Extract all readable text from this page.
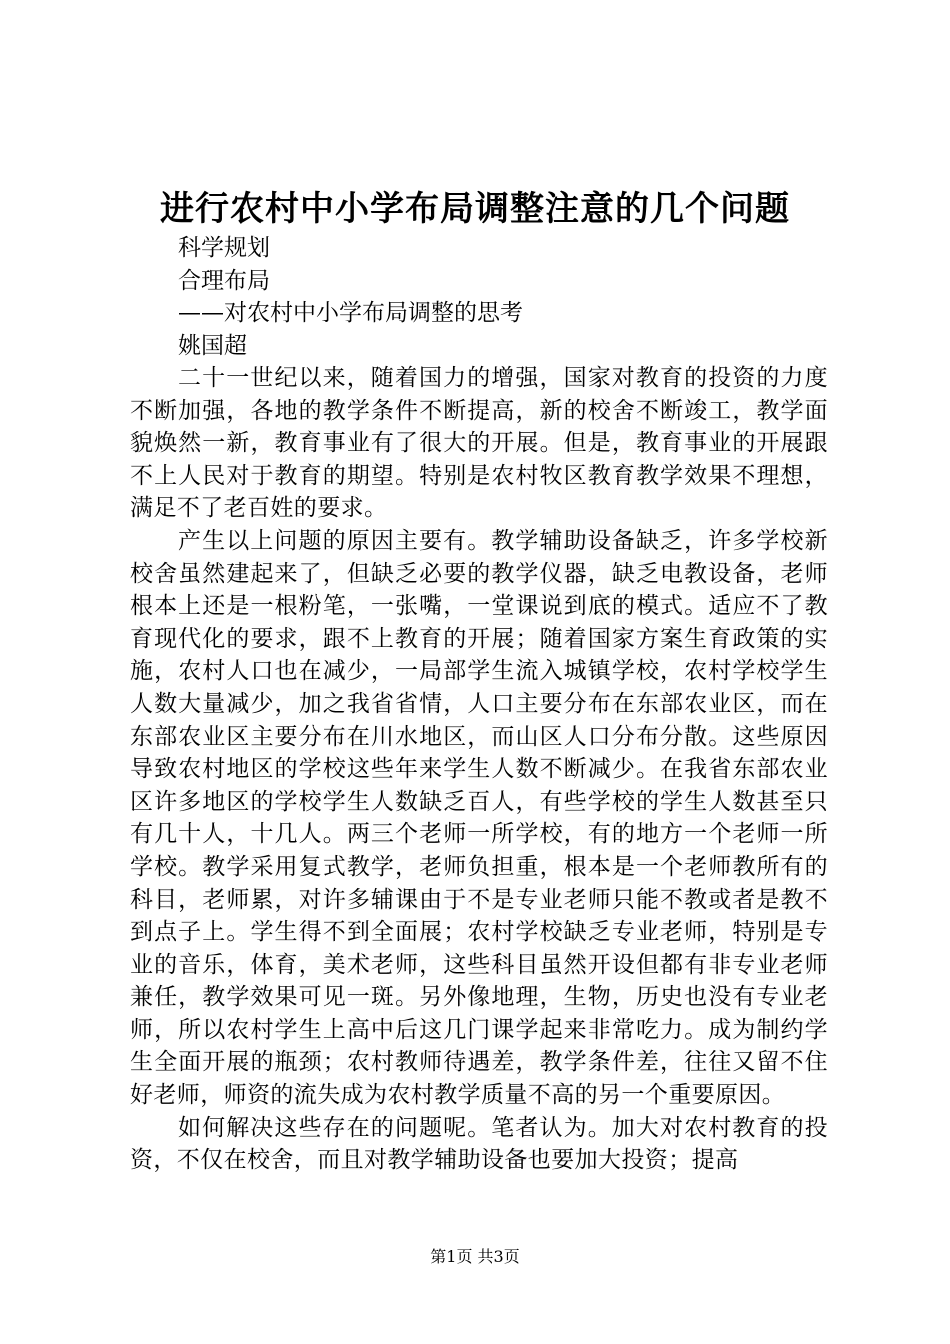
进行农村中小学布局调整注意的几个问题
科学规划
合理布局
——对农村中小学布局调整的思考
姚国超

二十一世纪以来，随着国力的增强，国家对教育的投资的力度不断加强，各地的教学条件不断提高，新的校舍不断竣工，教学面貌焕然一新，教育事业有了很大的开展。但是，教育事业的开展跟不上人民对于教育的期望。特别是农村牧区教育教学效果不理想，满足不了老百姓的要求。

产生以上问题的原因主要有。教学辅助设备缺乏，许多学校新校舍虽然建起来了，但缺乏必要的教学仪器，缺乏电教设备，老师根本上还是一根粉笔，一张嘴，一堂课说到底的模式。适应不了教育现代化的要求，跟不上教育的开展；随着国家方案生育政策的实施，农村人口也在减少，一局部学生流入城镇学校，农村学校学生人数大量减少，加之我省省情，人口主要分布在东部农业区，而在东部农业区主要分布在川水地区，而山区人口分布分散。这些原因导致农村地区的学校这些年来学生人数不断减少。在我省东部农业区许多地区的学校学生人数缺乏百人，有些学校的学生人数甚至只有几十人，十几人。两三个老师一所学校，有的地方一个老师一所学校。教学采用复式教学，老师负担重，根本是一个老师教所有的科目，老师累，对许多辅课由于不是专业老师只能不教或者是教不到点子上。学生得不到全面展；农村学校缺乏专业老师，特别是专业的音乐，体育，美术老师，这些科目虽然开设但都有非专业老师兼任，教学效果可见一斑。另外像地理，生物，历史也没有专业老师，所以农村学生上高中后这几门课学起来非常吃力。成为制约学生全面开展的瓶颈；农村教师待遇差，教学条件差，往往又留不住好老师，师资的流失成为农村教学质量不高的另一个重要原因。

如何解决这些存在的问题呢。笔者认为。加大对农村教育的投资，不仅在校舍，而且对教学辅助设备也要加大投资；提高

第1页 共3页
